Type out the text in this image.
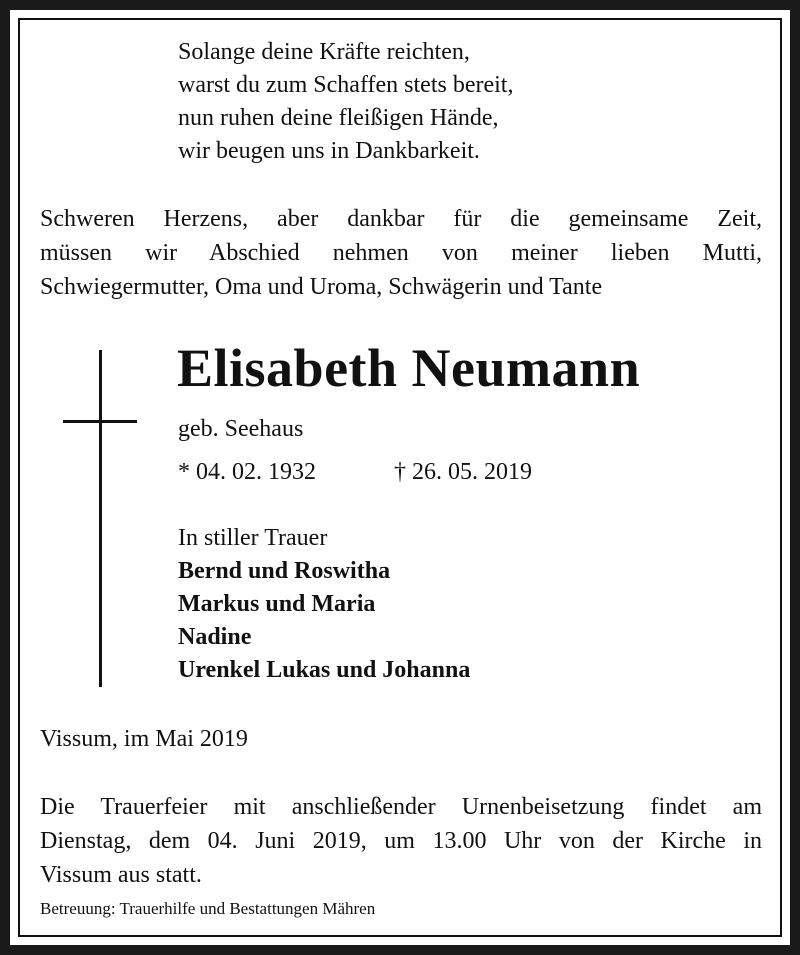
Solange deine Kräfte reichten,
warst du zum Schaffen stets bereit,
nun ruhen deine fleißigen Hände,
wir beugen uns in Dankbarkeit.
Schweren Herzens, aber dankbar für die gemeinsame Zeit,
müssen wir Abschied nehmen von meiner lieben Mutti,
Schwiegermutter, Oma und Uroma, Schwägerin und Tante
Elisabeth Neumann
geb. Seehaus
* 04. 02. 1932	† 26. 05. 2019
In stiller Trauer
Bernd und Roswitha
Markus und Maria
Nadine
Urenkel Lukas und Johanna
Vissum, im Mai 2019
Die Trauerfeier mit anschließender Urnenbeisetzung findet am
Dienstag, dem 04. Juni 2019, um 13.00 Uhr von der Kirche in
Vissum aus statt.
Betreuung: Trauerhilfe und Bestattungen Mähren
